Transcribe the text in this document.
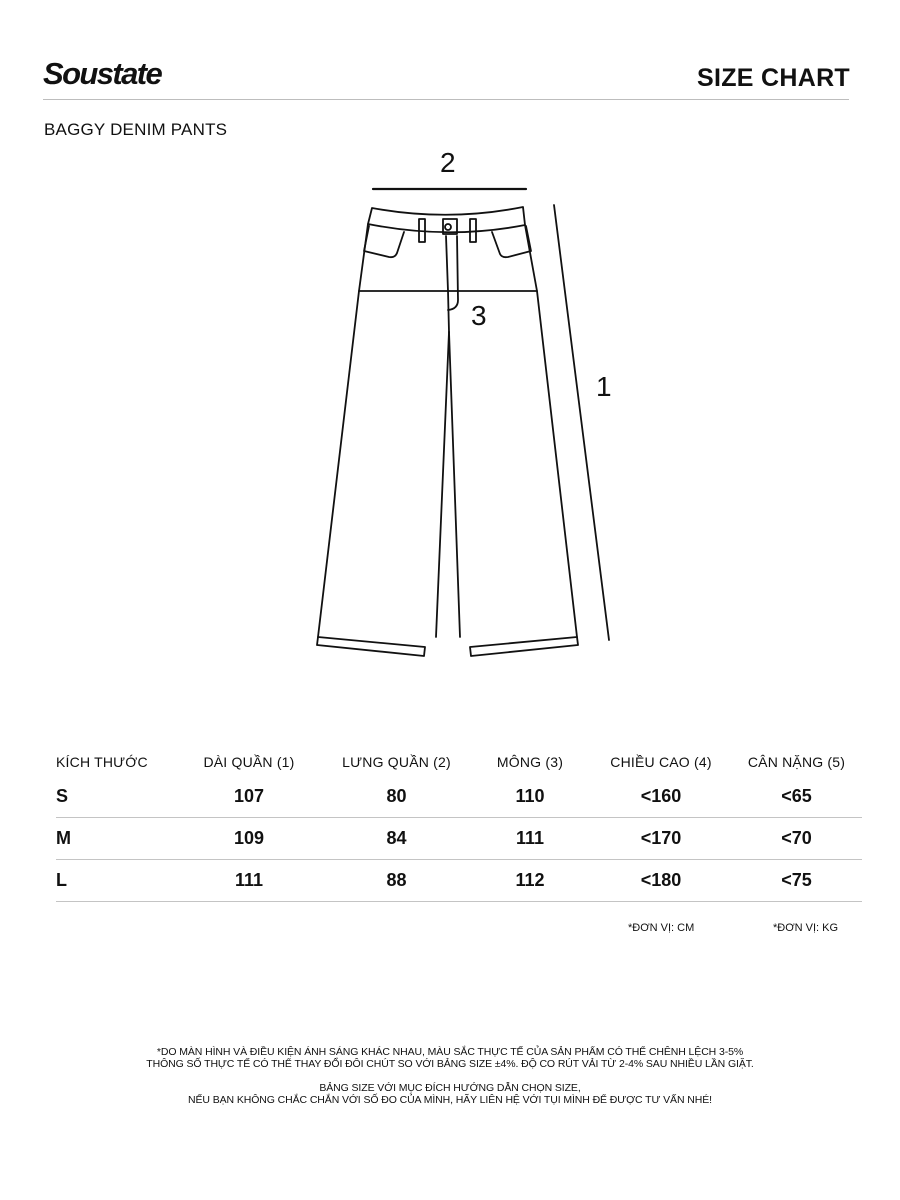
Soustate	SIZE CHART
BAGGY DENIM PANTS
2
3
1
KÍCH THƯỚC	DÀI QUẦN (1)	LƯNG QUẦN (2)	MÔNG (3)	CHIỀU CAO (4)	CÂN NẶNG (5)
S	107	80	110	<160	<65
M	109	84	111	<170	<70
L	111	88	112	<180	<75
*ĐƠN VỊ: CM	*ĐƠN VỊ: KG
*DO MÀN HÌNH VÀ ĐIỀU KIỆN ÁNH SÁNG KHÁC NHAU, MÀU SẮC THỰC TẾ CỦA SẢN PHẨM CÓ THỂ CHÊNH LỆCH 3-5%
THÔNG SỐ THỰC TẾ CÓ THỂ THAY ĐỔI ĐÔI CHÚT SO VỚI BẢNG SIZE ±4%. ĐỘ CO RÚT VẢI TỪ 2-4% SAU NHIỀU LẦN GIẶT.
BẢNG SIZE VỚI MỤC ĐÍCH HƯỚNG DẪN CHỌN SIZE,
NẾU BẠN KHÔNG CHẮC CHẮN VỚI SỐ ĐO CỦA MÌNH, HÃY LIÊN HỆ VỚI TỤI MÌNH ĐỂ ĐƯỢC TƯ VẤN NHÉ!
